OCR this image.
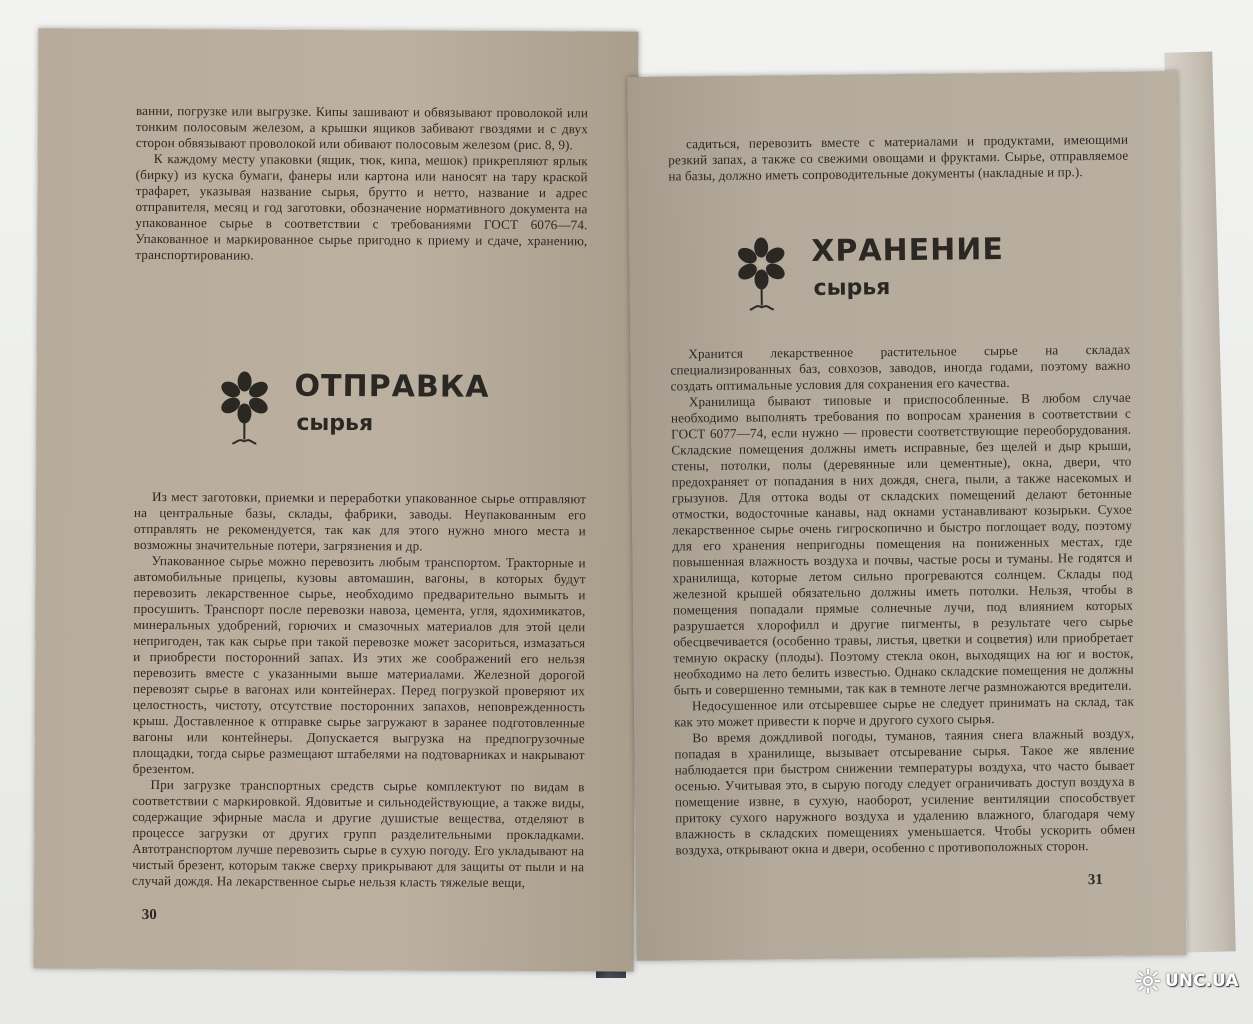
ванни, погрузке или выгрузке. Кипы зашивают и обвязывают проволокой или тонким полосовым железом, а крышки ящиков забивают гвоздями и с двух сторон обвязывают проволокой или обивают полосовым железом (рис. 8, 9).

К каждому месту упаковки (ящик, тюк, кипа, мешок) прикрепляют ярлык (бирку) из куска бумаги, фанеры или картона или наносят на тару краской трафарет, указывая название сырья, брутто и нетто, название и адрес отправителя, месяц и год заготовки, обозначение нормативного документа на упакованное сырье в соответствии с требованиями ГОСТ 6076—74. Упакованное и маркированное сырье пригодно к приему и сдаче, хранению, транспортированию.

ОТПРАВКА
сырья

Из мест заготовки, приемки и переработки упакованное сырье отправляют на центральные базы, склады, фабрики, заводы. Неупакованным его отправлять не рекомендуется, так как для этого нужно много места и возможны значительные потери, загрязнения и др.

Упакованное сырье можно перевозить любым транспортом. Тракторные и автомобильные прицепы, кузовы автомашин, вагоны, в которых будут перевозить лекарственное сырье, необходимо предварительно вымыть и просушить. Транспорт после перевозки навоза, цемента, угля, ядохимикатов, минеральных удобрений, горючих и смазочных материалов для этой цели непригоден, так как сырье при такой перевозке может засориться, измазаться и приобрести посторонний запах. Из этих же соображений его нельзя перевозить вместе с указанными выше материалами. Железной дорогой перевозят сырье в вагонах или контейнерах. Перед погрузкой проверяют их целостность, чистоту, отсутствие посторонних запахов, неповрежденность крыш. Доставленное к отправке сырье загружают в заранее подготовленные вагоны или контейнеры. Допускается выгрузка на предпогрузочные площадки, тогда сырье размещают штабелями на подтоварниках и накрывают брезентом.

При загрузке транспортных средств сырье комплектуют по видам в соответствии с маркировкой. Ядовитые и сильнодействующие, а также виды, содержащие эфирные масла и другие душистые вещества, отделяют в процессе загрузки от других групп разделительными прокладками. Автотранспортом лучше перевозить сырье в сухую погоду. Его укладывают на чистый брезент, которым также сверху прикрывают для защиты от пыли и на случай дождя. На лекарственное сырье нельзя класть тяжелые вещи,

30

садиться, перевозить вместе с материалами и продуктами, имеющими резкий запах, а также со свежими овощами и фруктами. Сырье, отправляемое на базы, должно иметь сопроводительные документы (накладные и пр.).

ХРАНЕНИЕ
сырья

Хранится лекарственное растительное сырье на складах специализированных баз, совхозов, заводов, иногда годами, поэтому важно создать оптимальные условия для сохранения его качества.

Хранилища бывают типовые и приспособленные. В любом случае необходимо выполнять требования по вопросам хранения в соответствии с ГОСТ 6077—74, если нужно — провести соответствующие переоборудования. Складские помещения должны иметь исправные, без щелей и дыр крыши, стены, потолки, полы (деревянные или цементные), окна, двери, что предохраняет от попадания в них дождя, снега, пыли, а также насекомых и грызунов. Для оттока воды от складских помещений делают бетонные отмостки, водосточные канавы, над окнами устанавливают козырьки. Сухое лекарственное сырье очень гигроскопично и быстро поглощает воду, поэтому для его хранения непригодны помещения на пониженных местах, где повышенная влажность воздуха и почвы, частые росы и туманы. Не годятся и хранилища, которые летом сильно прогреваются солнцем. Склады под железной крышей обязательно должны иметь потолки. Нельзя, чтобы в помещения попадали прямые солнечные лучи, под влиянием которых разрушается хлорофилл и другие пигменты, в результате чего сырье обесцвечивается (особенно травы, листья, цветки и соцветия) или приобретает темную окраску (плоды). Поэтому стекла окон, выходящих на юг и восток, необходимо на лето белить известью. Однако складские помещения не должны быть и совершенно темными, так как в темноте легче размножаются вредители.

Недосушенное или отсыревшее сырье не следует принимать на склад, так как это может привести к порче и другого сухого сырья.

Во время дождливой погоды, туманов, таяния снега влажный воздух, попадая в хранилище, вызывает отсыревание сырья. Такое же явление наблюдается при быстром снижении температуры воздуха, что часто бывает осенью. Учитывая это, в сырую погоду следует ограничивать доступ воздуха в помещение извне, в сухую, наоборот, усиление вентиляции способствует притоку сухого наружного воздуха и удалению влажного, благодаря чему влажность в складских помещениях уменьшается. Чтобы ускорить обмен воздуха, открывают окна и двери, особенно с противоположных сторон.

31
UNC.UA
